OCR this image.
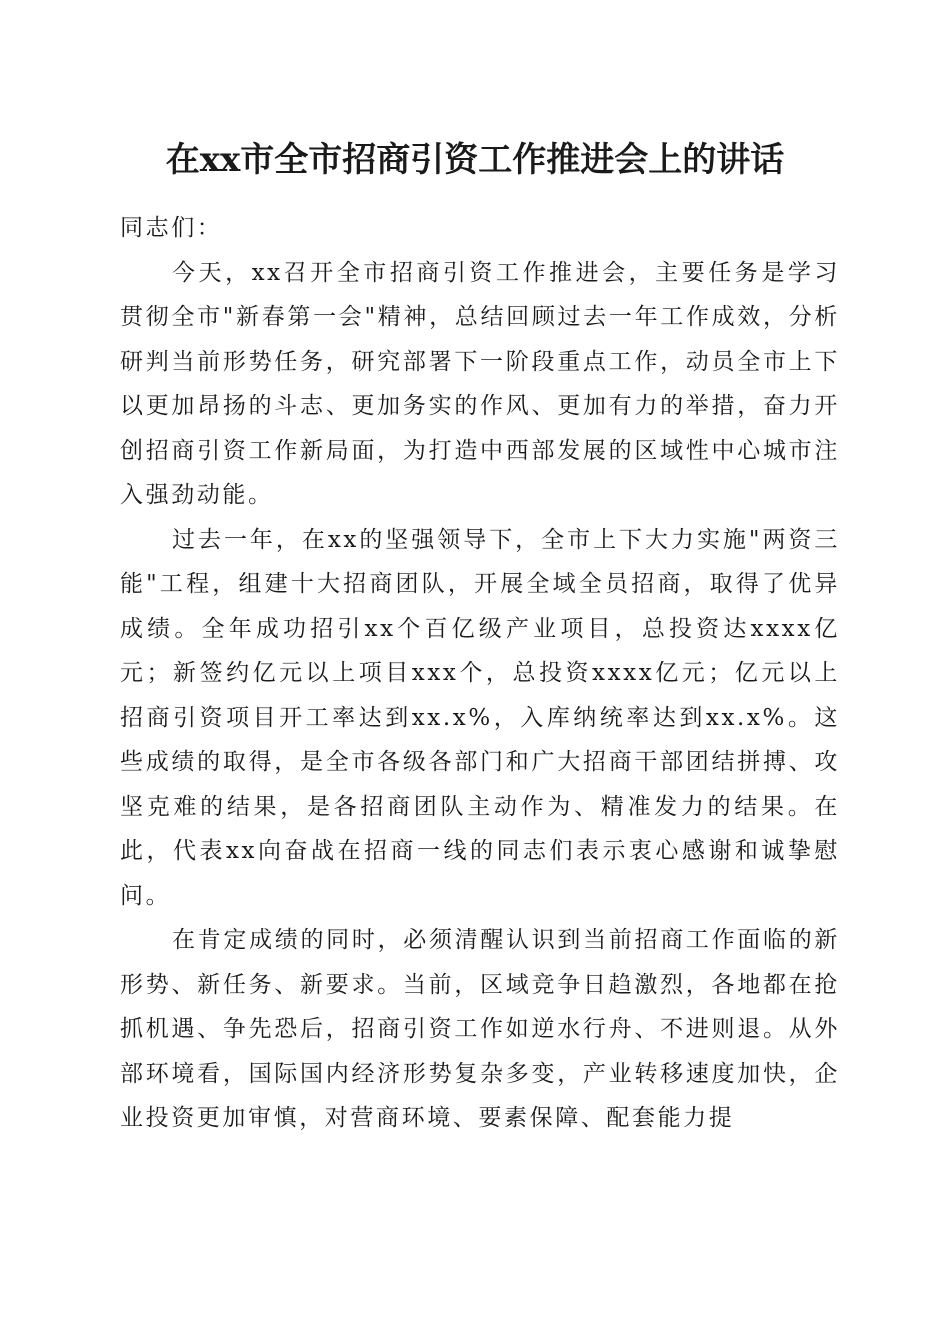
在xx市全市招商引资工作推进会上的讲话

同志们：

今天，xx召开全市招商引资工作推进会，主要任务是学习贯彻全市"新春第一会"精神，总结回顾过去一年工作成效，分析研判当前形势任务，研究部署下一阶段重点工作，动员全市上下以更加昂扬的斗志、更加务实的作风、更加有力的举措，奋力开创招商引资工作新局面，为打造中西部发展的区域性中心城市注入强劲动能。

过去一年，在xx的坚强领导下，全市上下大力实施"两资三能"工程，组建十大招商团队，开展全域全员招商，取得了优异成绩。全年成功招引xx个百亿级产业项目，总投资达xxxx亿元；新签约亿元以上项目xxx个，总投资xxxx亿元；亿元以上招商引资项目开工率达到xx.x%，入库纳统率达到xx.x%。这些成绩的取得，是全市各级各部门和广大招商干部团结拼搏、攻坚克难的结果，是各招商团队主动作为、精准发力的结果。在此，代表xx向奋战在招商一线的同志们表示衷心感谢和诚挚慰问。

在肯定成绩的同时，必须清醒认识到当前招商工作面临的新形势、新任务、新要求。当前，区域竞争日趋激烈，各地都在抢抓机遇、争先恐后，招商引资工作如逆水行舟、不进则退。从外部环境看，国际国内经济形势复杂多变，产业转移速度加快，企业投资更加审慎，对营商环境、要素保障、配套能力提
